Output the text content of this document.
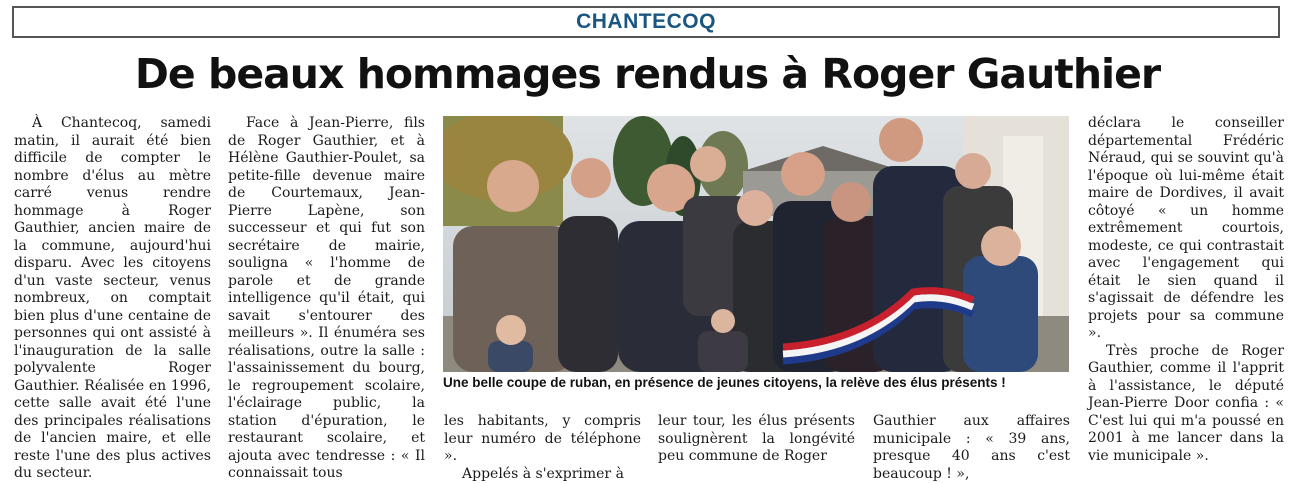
CHANTECOQ
De beaux hommages rendus à Roger Gauthier

À Chantecoq, samedi matin, il aurait été bien difficile de compter le nombre d'élus au mètre carré venus rendre hommage à Roger Gauthier, ancien maire de la commune, aujourd'hui disparu. Avec les citoyens d'un vaste secteur, venus nombreux, on comptait bien plus d'une centaine de personnes qui ont assisté à l'inauguration de la salle polyvalente Roger Gauthier. Réalisée en 1996, cette salle avait été l'une des principales réalisations de l'ancien maire, et elle reste l'une des plus actives du secteur.

Face à Jean-Pierre, fils de Roger Gauthier, et à Hélène Gauthier-Poulet, sa petite-fille devenue maire de Courtemaux, Jean-Pierre Lapène, son successeur et qui fut son secrétaire de mairie, souligna « l'homme de parole et de grande intelligence qu'il était, qui savait s'entourer des meilleurs ». Il énuméra ses réalisations, outre la salle : l'assainissement du bourg, le regroupement scolaire, l'éclairage public, la station d'épuration, le restaurant scolaire, et ajouta avec tendresse : « Il connaissait tous

Une belle coupe de ruban, en présence de jeunes citoyens, la relève des élus présents !

les habitants, y compris leur numéro de téléphone ».

Appelés à s'exprimer à

leur tour, les élus présents soulignèrent la longévité peu commune de Roger

Gauthier aux affaires municipale : « 39 ans, presque 40 ans c'est beaucoup ! »,

déclara le conseiller départemental Frédéric Néraud, qui se souvint qu'à l'époque où lui-même était maire de Dordives, il avait côtoyé « un homme extrêmement courtois, modeste, ce qui contrastait avec l'engagement qui était le sien quand il s'agissait de défendre les projets pour sa commune ».

Très proche de Roger Gauthier, comme il l'apprit à l'assistance, le député Jean-Pierre Door confia : « C'est lui qui m'a poussé en 2001 à me lancer dans la vie municipale ».
